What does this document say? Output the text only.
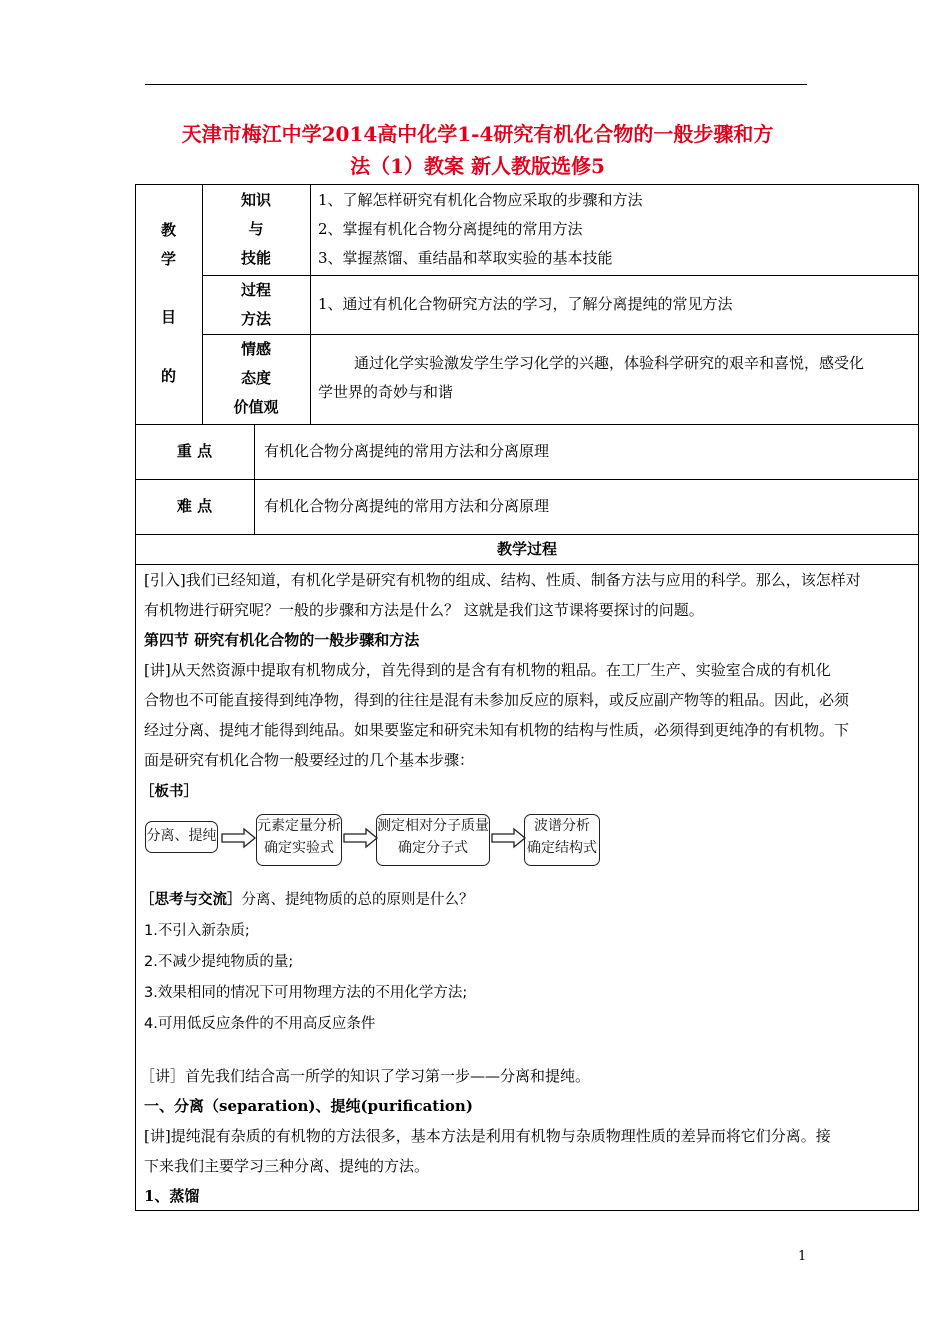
天津市梅江中学2014高中化学1-4研究有机化合物的一般步骤和方
法（1）教案 新人教版选修5
教
学
目
的
知识
与
技能
1、了解怎样研究有机化合物应采取的步骤和方法
2、掌握有机化合物分离提纯的常用方法
3、掌握蒸馏、重结晶和萃取实验的基本技能
过程
方法
1、通过有机化合物研究方法的学习，了解分离提纯的常见方法
情感
态度
价值观
通过化学实验激发学生学习化学的兴趣，体验科学研究的艰辛和喜悦，感受化
学世界的奇妙与和谐
重 点	有机化合物分离提纯的常用方法和分离原理
难 点	有机化合物分离提纯的常用方法和分离原理
教学过程
[引入]我们已经知道，有机化学是研究有机物的组成、结构、性质、制备方法与应用的科学。那么，该怎样对
有机物进行研究呢？一般的步骤和方法是什么？ 这就是我们这节课将要探讨的问题。
第四节 研究有机化合物的一般步骤和方法
[讲]从天然资源中提取有机物成分，首先得到的是含有有机物的粗品。在工厂生产、实验室合成的有机化
合物也不可能直接得到纯净物，得到的往往是混有未参加反应的原料，或反应副产物等的粗品。因此，必须
经过分离、提纯才能得到纯品。如果要鉴定和研究未知有机物的结构与性质，必须得到更纯净的有机物。下
面是研究有机化合物一般要经过的几个基本步骤：
［板书］
分离、提纯
元素定量分析
确定实验式
测定相对分子质量
确定分子式
波谱分析
确定结构式
［思考与交流］分离、提纯物质的总的原则是什么？
1.不引入新杂质;
2.不减少提纯物质的量;
3.效果相同的情况下可用物理方法的不用化学方法;
4.可用低反应条件的不用高反应条件
［讲］首先我们结合高一所学的知识了学习第一步——分离和提纯。
一、分离（separation)、提纯(purification)
[讲]提纯混有杂质的有机物的方法很多，基本方法是利用有机物与杂质物理性质的差异而将它们分离。接
下来我们主要学习三种分离、提纯的方法。
1、蒸馏
1
